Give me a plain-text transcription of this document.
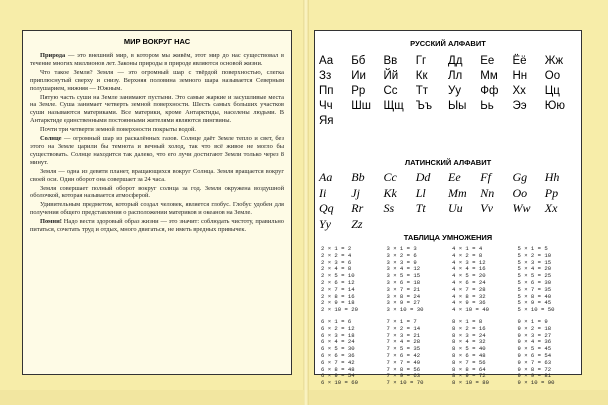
МИР ВОКРУГ НАС
Природа — это внешний мир, в котором мы живём, этот мир до нас существовал в течение многих миллионов лет. Законы природы в природе являются основой жизни.
Что такое Земля? Земля — это огромный шар с твёрдой поверхностью, слегка приплюснутый сверху и снизу. Верхняя половина земного шара называется Северным полушарием, нижняя — Южным.
Пятую часть суши на Земле занимают пустыни. Это самые жаркие и засушливые места на Земле. Суша занимает четверть земной поверхности. Шесть самых больших участков суши называются материками. Все материки, кроме Антарктиды, населены людьми. В Антарктиде единственными постоянными жителями являются пингвины.
Почти три четверти земной поверхности покрыты водой.
Солнце — огромный шар из раскалённых газов. Солнце даёт Земле тепло и свет, без этого на Земле царили бы темнота и вечный холод, так что всё живое не могло бы существовать. Солнце находится так далеко, что его лучи достигают Земли только через 8 минут.
Земля — одна из девяти планет, вращающихся вокруг Солнца. Земля вращается вокруг своей оси. Один оборот она совершает за 24 часа.
Земля совершает полный оборот вокруг солнца за год. Земля окружена воздушной оболочкой, которая называется атмосферой.
Удивительным предметом, который создал человек, является глобус. Глобус удобен для получения общего представления о расположении материков и океанов на Земле.
Помни! Надо вести здоровый образ жизни — это значит: соблюдать чистоту, правильно питаться, сочетать труд и отдых, много двигаться, не иметь вредных привычек.
РУССКИЙ АЛФАВИТ
Аа	Бб	Вв	Гг	Дд	Ее	Ёё	Жж
Зз	Ии	Йй	Кк	Лл	Мм	Нн	Оо
Пп	Рр	Сс	Тт	Уу	Фф	Хх	Цц
Чч	Шш	Щщ	Ъъ	Ыы	Ьь	Ээ	Юю
Яя
ЛАТИНСКИЙ АЛФАВИТ
Aa	Bb	Cc	Dd	Ee	Ff	Gg	Hh
Ii	Jj	Kk	Ll	Mm	Nn	Oo	Pp
Qq	Rr	Ss	Tt	Uu	Vv	Ww	Xx
Yy	Zz
ТАБЛИЦА УМНОЖЕНИЯ
2 × 1 = 2
2 × 2 = 4
2 × 3 = 6
2 × 4 = 8
2 × 5 = 10
2 × 6 = 12
2 × 7 = 14
2 × 8 = 16
2 × 9 = 18
2 × 10 = 20
3 × 1 = 3
3 × 2 = 6
3 × 3 = 9
3 × 4 = 12
3 × 5 = 15
3 × 6 = 18
3 × 7 = 21
3 × 8 = 24
3 × 9 = 27
3 × 10 = 30
4 × 1 = 4
4 × 2 = 8
4 × 3 = 12
4 × 4 = 16
4 × 5 = 20
4 × 6 = 24
4 × 7 = 28
4 × 8 = 32
4 × 9 = 36
4 × 10 = 40
5 × 1 = 5
5 × 2 = 10
5 × 3 = 15
5 × 4 = 20
5 × 5 = 25
5 × 6 = 30
5 × 7 = 35
5 × 8 = 40
5 × 9 = 45
5 × 10 = 50
6 × 1 = 6
6 × 2 = 12
6 × 3 = 18
6 × 4 = 24
6 × 5 = 30
6 × 6 = 36
6 × 7 = 42
6 × 8 = 48
6 × 9 = 54
6 × 10 = 60
7 × 1 = 7
7 × 2 = 14
7 × 3 = 21
7 × 4 = 28
7 × 5 = 35
7 × 6 = 42
7 × 7 = 49
7 × 8 = 56
7 × 9 = 63
7 × 10 = 70
8 × 1 = 8
8 × 2 = 16
8 × 3 = 24
8 × 4 = 32
8 × 5 = 40
8 × 6 = 48
8 × 7 = 56
8 × 8 = 64
8 × 9 = 72
8 × 10 = 80
9 × 1 = 9
9 × 2 = 18
9 × 3 = 27
9 × 4 = 36
9 × 5 = 45
9 × 6 = 54
9 × 7 = 63
9 × 8 = 72
9 × 9 = 81
9 × 10 = 90
